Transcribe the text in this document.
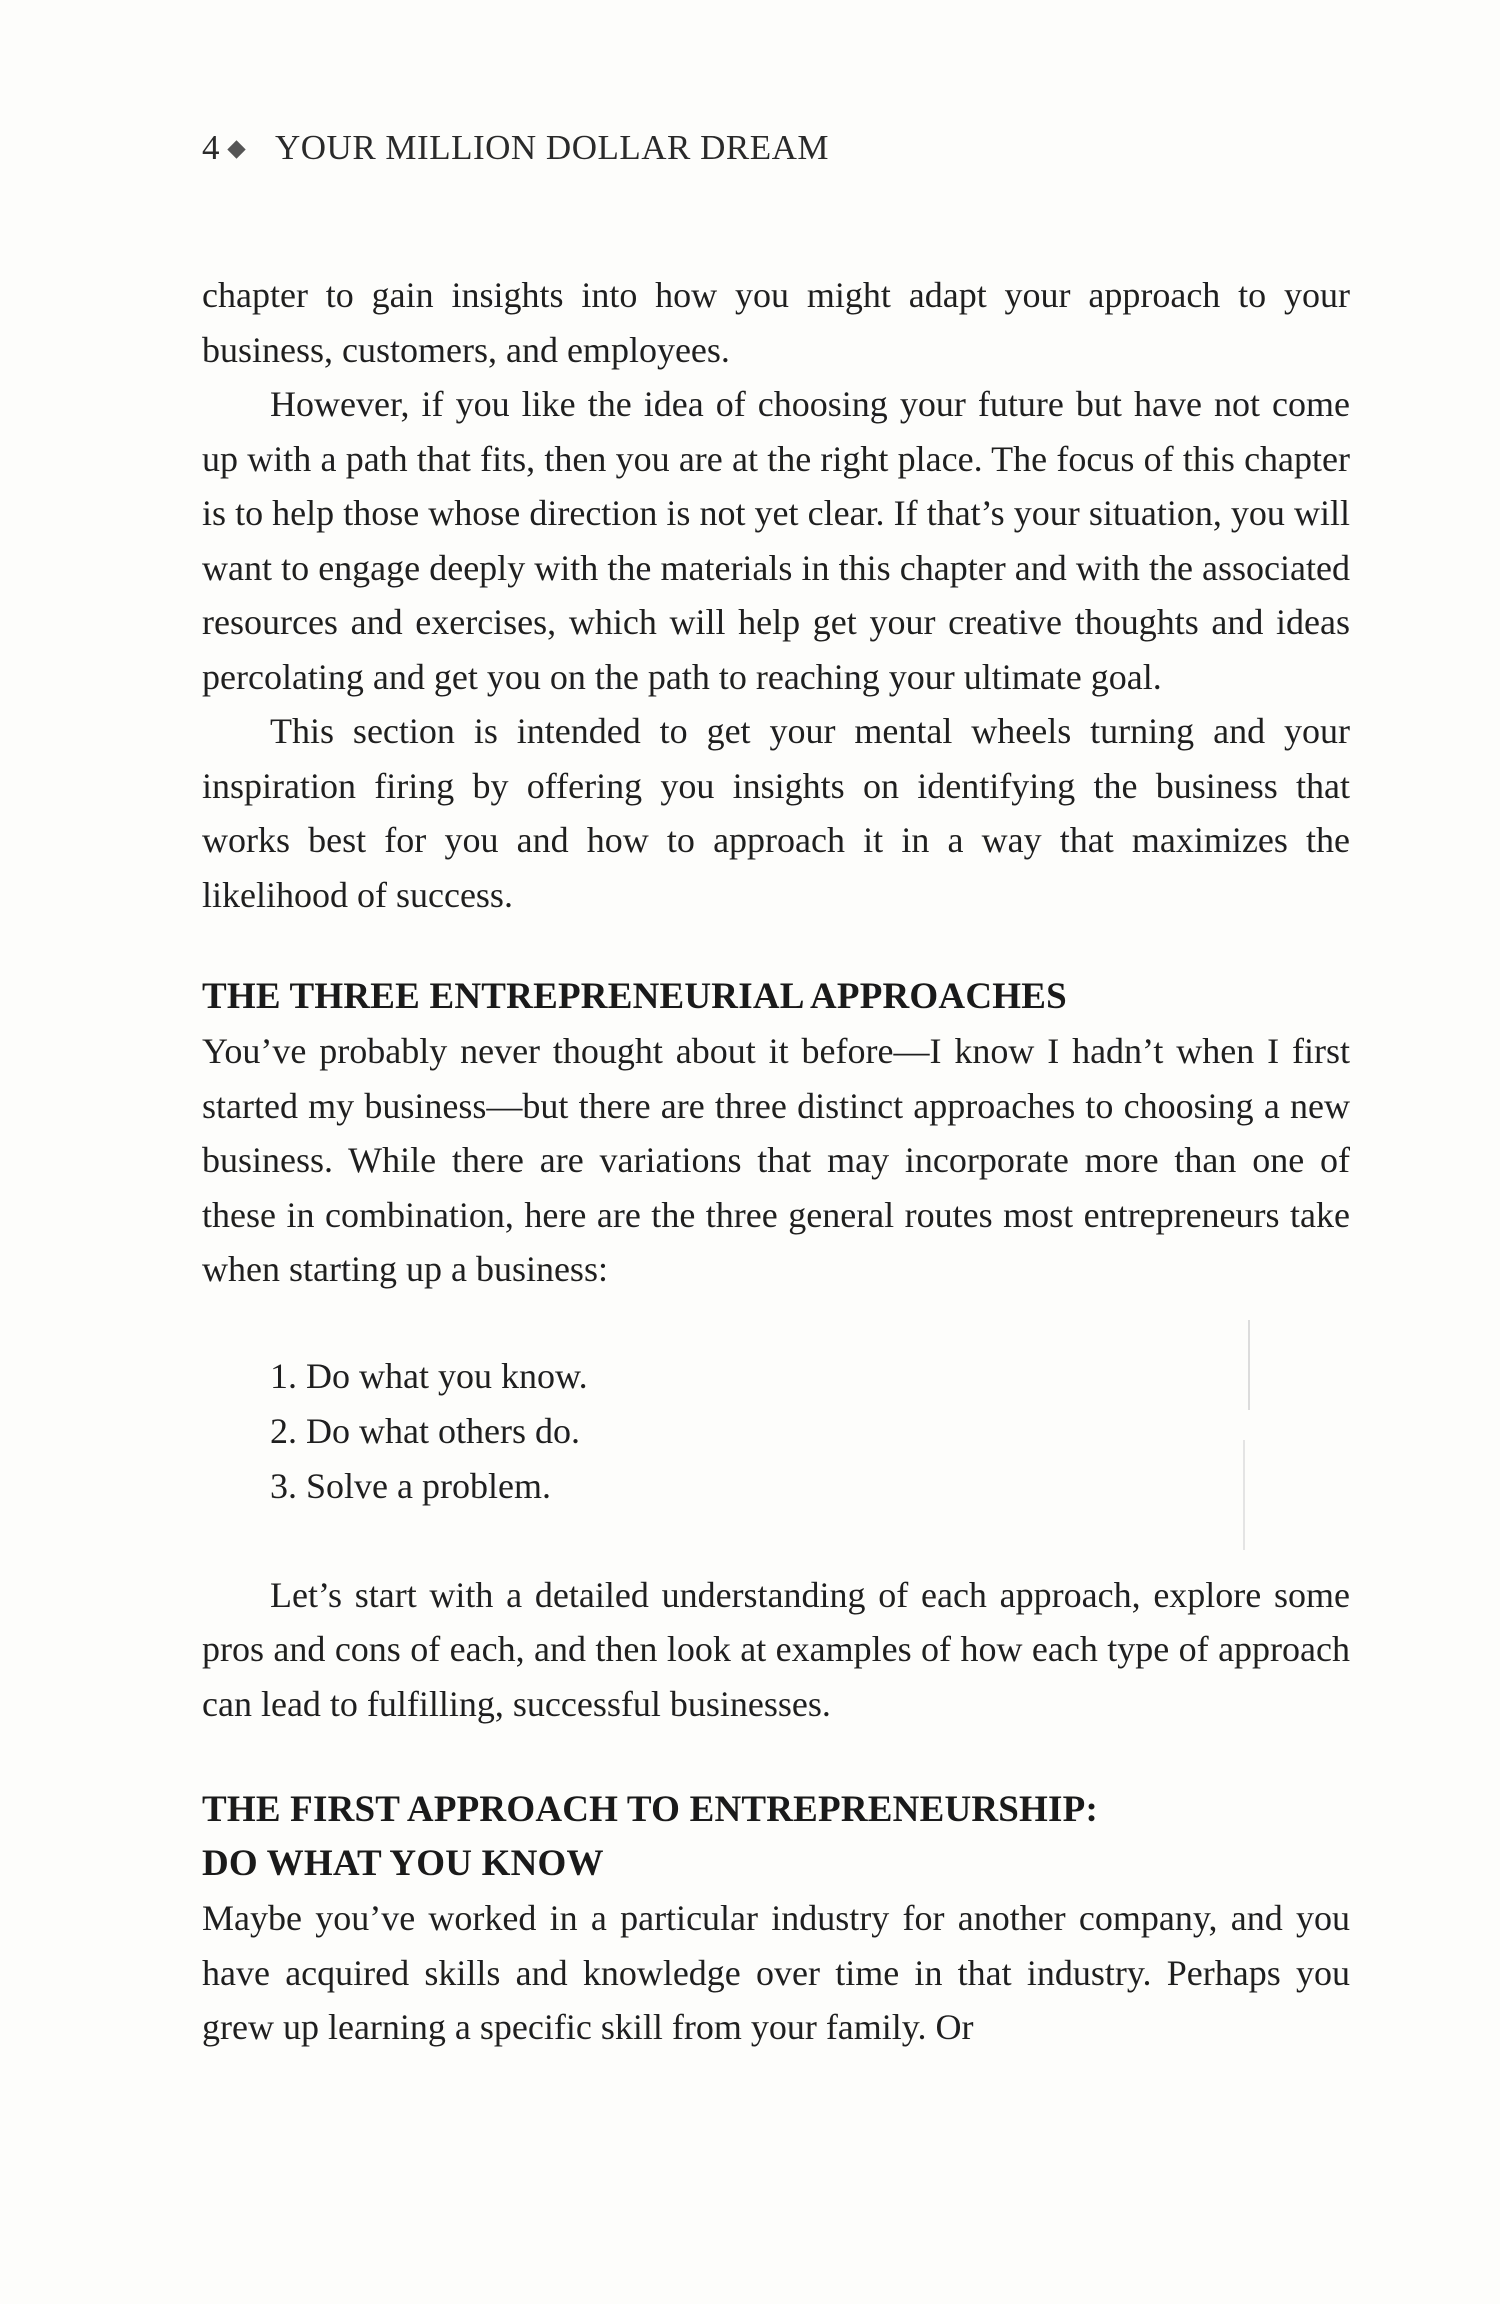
4 YOUR MILLION DOLLAR DREAM

chapter to gain insights into how you might adapt your approach to your business, customers, and employees.

However, if you like the idea of choosing your future but have not come up with a path that fits, then you are at the right place. The focus of this chapter is to help those whose direction is not yet clear. If that’s your situation, you will want to engage deeply with the materials in this chapter and with the associated resources and exercises, which will help get your creative thoughts and ideas percolating and get you on the path to reaching your ultimate goal.

This section is intended to get your mental wheels turning and your inspiration firing by offering you insights on identifying the business that works best for you and how to approach it in a way that maximizes the likelihood of success.

THE THREE ENTREPRENEURIAL APPROACHES

You’ve probably never thought about it before—I know I hadn’t when I first started my business—but there are three distinct approaches to choosing a new business. While there are variations that may incorporate more than one of these in combination, here are the three general routes most entrepreneurs take when starting up a business:

1. Do what you know.
2. Do what others do.
3. Solve a problem.

Let’s start with a detailed understanding of each approach, explore some pros and cons of each, and then look at examples of how each type of approach can lead to fulfilling, successful businesses.

THE FIRST APPROACH TO ENTREPRENEURSHIP:
DO WHAT YOU KNOW

Maybe you’ve worked in a particular industry for another company, and you have acquired skills and knowledge over time in that industry. Perhaps you grew up learning a specific skill from your family. Or
